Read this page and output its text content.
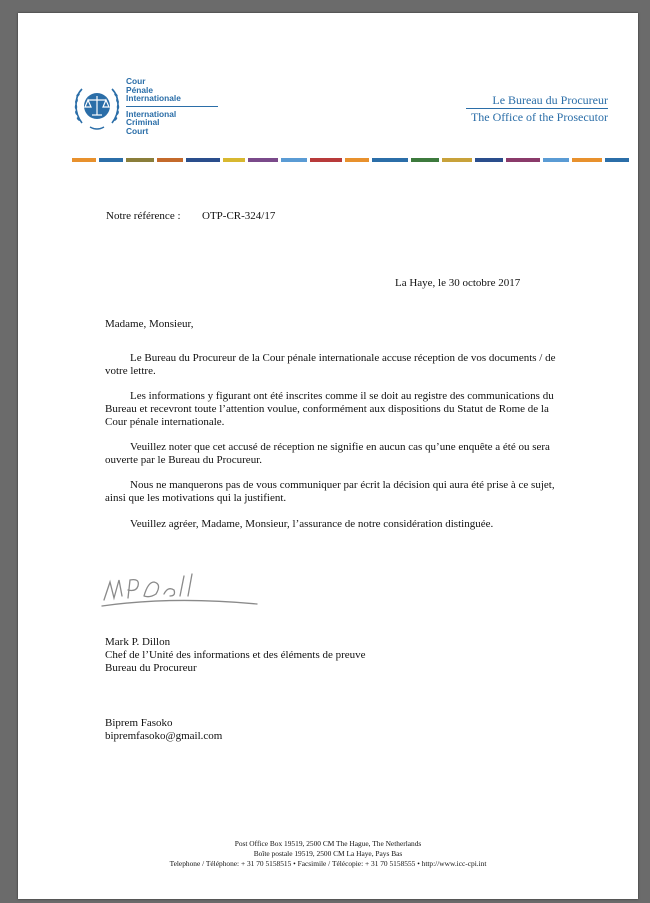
Cour
Pénale
Internationale
International
Criminal
Court
Le Bureau du Procureur
The Office of the Prosecutor
Notre référence : OTP-CR-324/17
La Haye, le 30 octobre 2017
Madame, Monsieur,
Le Bureau du Procureur de la Cour pénale internationale accuse réception de vos documents / de votre lettre.
Les informations y figurant ont été inscrites comme il se doit au registre des communications du Bureau et recevront toute l’attention voulue, conformément aux dispositions du Statut de Rome de la Cour pénale internationale.
Veuillez noter que cet accusé de réception ne signifie en aucun cas qu’une enquête a été ou sera ouverte par le Bureau du Procureur.
Nous ne manquerons pas de vous communiquer par écrit la décision qui aura été prise à ce sujet, ainsi que les motivations qui la justifient.
Veuillez agréer, Madame, Monsieur, l’assurance de notre considération distinguée.
Mark P. Dillon
Chef de l’Unité des informations et des éléments de preuve
Bureau du Procureur
Biprem Fasoko
bipremfasoko@gmail.com
Post Office Box 19519, 2500 CM The Hague, The Netherlands
Boîte postale 19519, 2500 CM La Haye, Pays Bas
Telephone / Téléphone: + 31 70 5158515 • Facsimile / Télécopie: + 31 70 5158555 • http://www.icc-cpi.int
